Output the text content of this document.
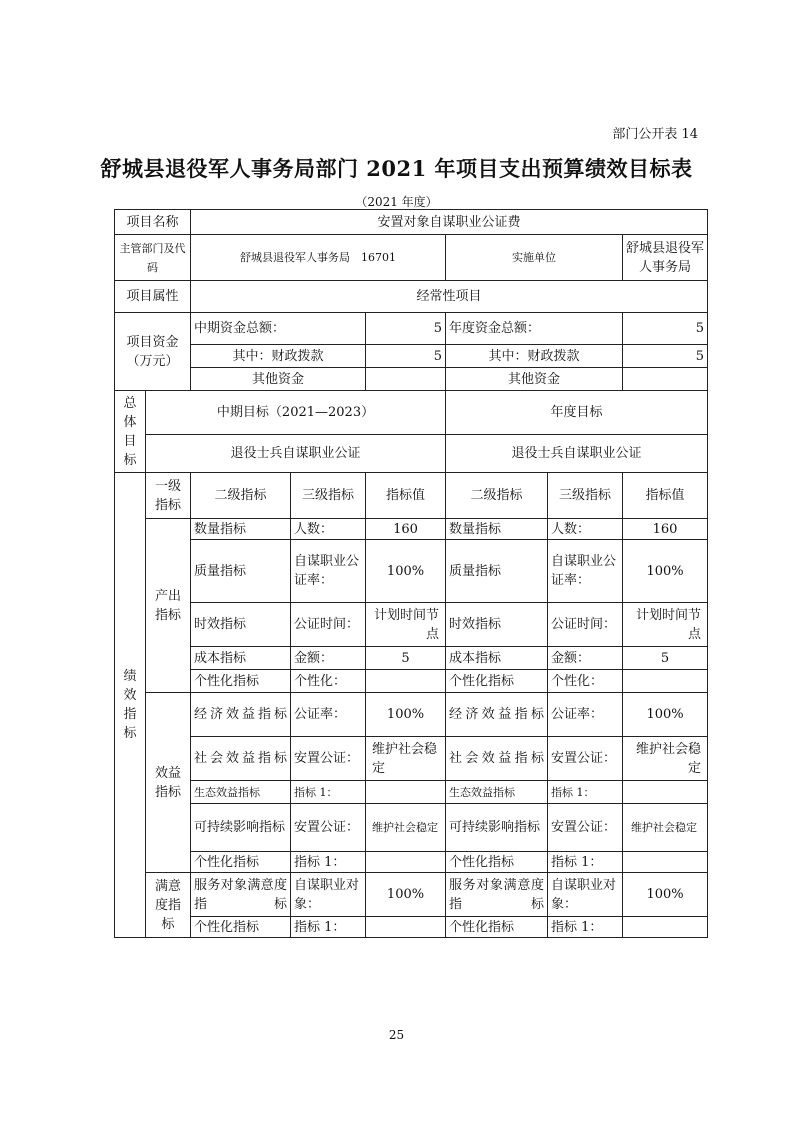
部门公开表 14
舒城县退役军人事务局部门 2021 年项目支出预算绩效目标表
（2021 年度）
项目名称		安置对象自谋职业公证费					
主管部门及代码		舒城县退役军人事务局　16701			实施单位		舒城县退役军人事务局
项目属性		经常性项目					
项目资金（万元）		中期资金总额：		5	年度资金总额：		5
		其中：财政拨款		5	其中：财政拨款		5
		其他资金			其他资金		
总体目标	中期目标（2021—2023）				年度目标		
	退役士兵自谋职业公证				退役士兵自谋职业公证		
绩效指标	一级指标	二级指标	三级指标	指标值	二级指标	三级指标	指标值
	产出指标	数量指标	人数：	160	数量指标	人数：	160
		质量指标	自谋职业公证率：	100%	质量指标	自谋职业公证率：	100%
		时效指标	公证时间：	计划时间节点	时效指标	公证时间：	计划时间节点
		成本指标	金额：	5	成本指标	金额：	5
		个性化指标	个性化：		个性化指标	个性化：	
	效益指标	经济效益指标	公证率：	100%	经济效益指标	公证率：	100%
		社会效益指标	安置公证：	维护社会稳定	社会效益指标	安置公证：	维护社会稳定
		生态效益指标	指标 1：		生态效益指标	指标 1：	
		可持续影响指标	安置公证：	维护社会稳定	可持续影响指标	安置公证：	维护社会稳定
		个性化指标	指标 1：		个性化指标	指标 1：	
	满意度指标	服务对象满意度指标	自谋职业对象：	100%	服务对象满意度指标	自谋职业对象：	100%
		个性化指标	指标 1：		个性化指标	指标 1：	
25
